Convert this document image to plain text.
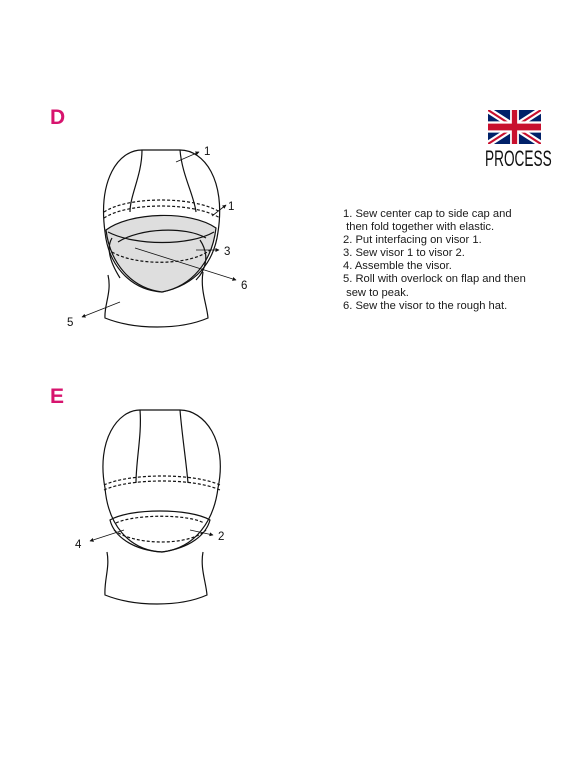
D
E
1
1
3
6
5
2
4
PROCESS
1. Sew center cap to side cap and
then fold together with elastic.
2. Put interfacing on visor 1.
3. Sew visor 1 to visor 2.
4. Assemble the visor.
5. Roll with overlock on flap and then
sew to peak.
6. Sew the visor to the rough hat.
